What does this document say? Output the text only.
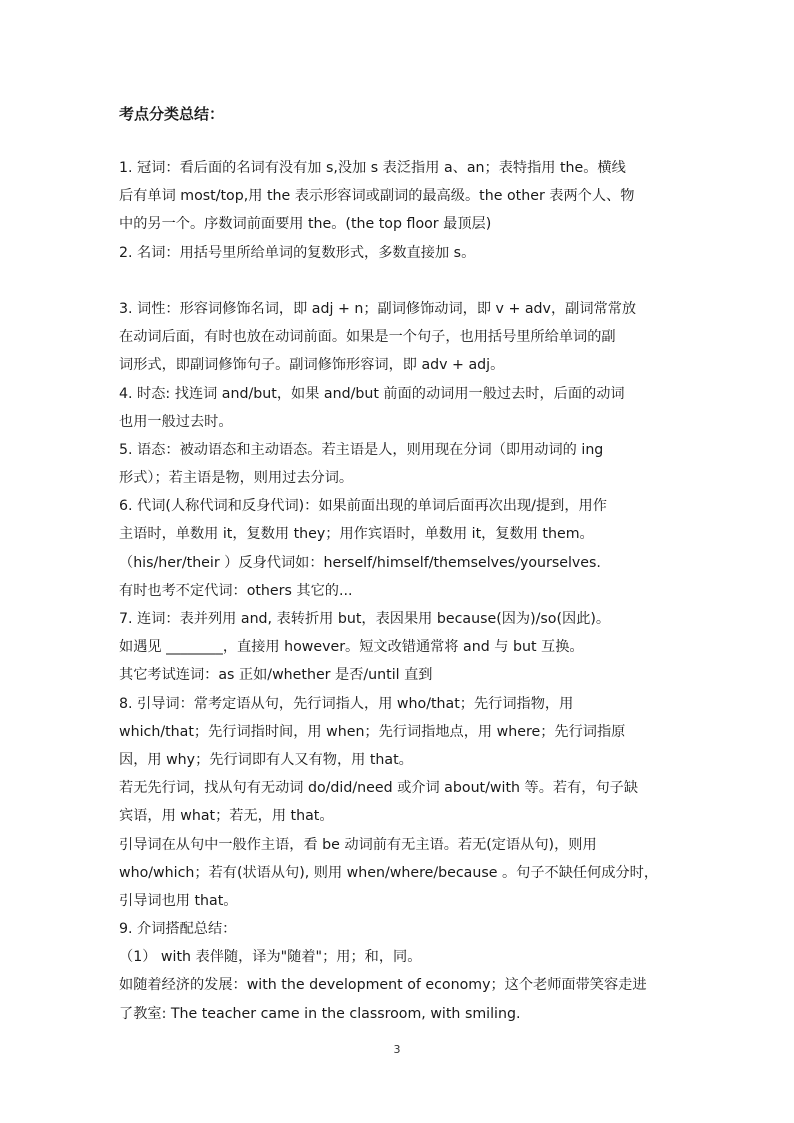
考点分类总结：
1. 冠词：看后面的名词有没有加 s,没加 s 表泛指用 a、an；表特指用 the。横线
后有单词 most/top,用 the 表示形容词或副词的最高级。the other 表两个人、物
中的另一个。序数词前面要用 the。(the top floor 最顶层)
2. 名词：用括号里所给单词的复数形式，多数直接加 s。
3. 词性：形容词修饰名词，即 adj + n；副词修饰动词，即 v + adv，副词常常放
在动词后面，有时也放在动词前面。如果是一个句子，也用括号里所给单词的副
词形式，即副词修饰句子。副词修饰形容词，即 adv + adj。
4. 时态: 找连词 and/but，如果 and/but 前面的动词用一般过去时，后面的动词
也用一般过去时。
5. 语态：被动语态和主动语态。若主语是人，则用现在分词（即用动词的 ing
形式）；若主语是物，则用过去分词。
6. 代词(人称代词和反身代词)：如果前面出现的单词后面再次出现/提到，用作
主语时，单数用 it，复数用 they；用作宾语时，单数用 it，复数用 them。
（his/her/their ）反身代词如：herself/himself/themselves/yourselves.
有时也考不定代词：others 其它的...
7. 连词：表并列用 and, 表转折用 but，表因果用 because(因为)/so(因此)。
如遇见 ________，直接用 however。短文改错通常将 and 与 but 互换。
其它考试连词：as 正如/whether 是否/until 直到
8. 引导词：常考定语从句，先行词指人，用 who/that；先行词指物，用
which/that；先行词指时间，用 when；先行词指地点，用 where；先行词指原
因，用 why；先行词即有人又有物，用 that。
若无先行词，找从句有无动词 do/did/need 或介词 about/with 等。若有，句子缺
宾语，用 what；若无，用 that。
引导词在从句中一般作主语，看 be 动词前有无主语。若无(定语从句)，则用
who/which；若有(状语从句), 则用 when/where/because 。句子不缺任何成分时，
引导词也用 that。
9. 介词搭配总结：
（1） with 表伴随，译为"随着"；用；和，同。
如随着经济的发展：with the development of economy；这个老师面带笑容走进
了教室: The teacher came in the classroom, with smiling.
3
